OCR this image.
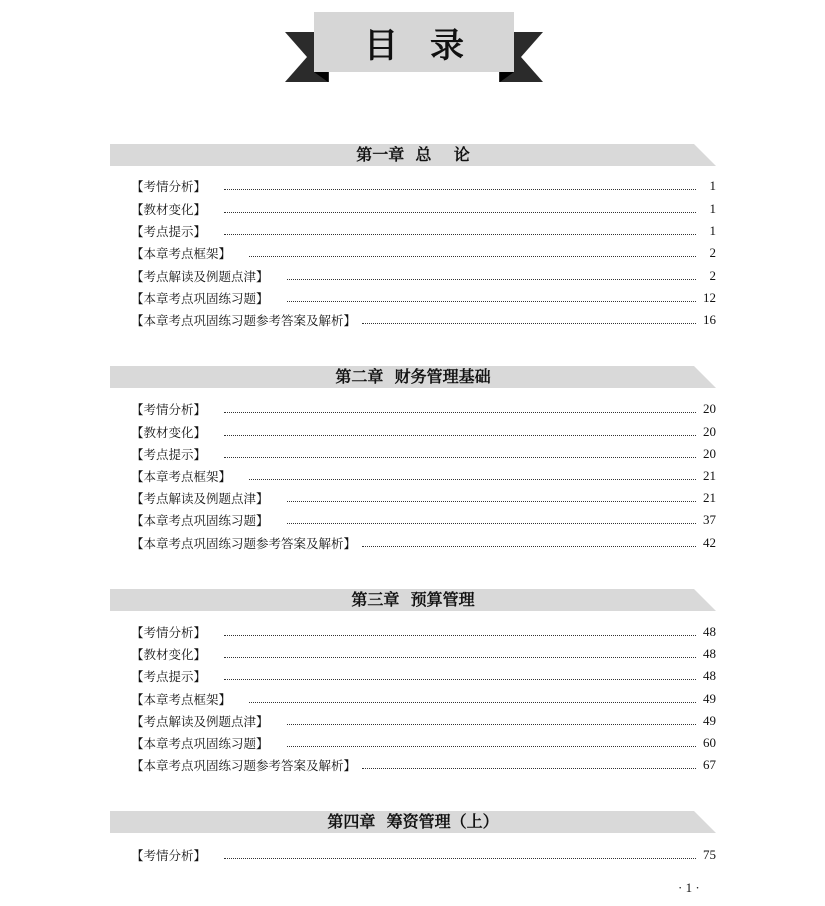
目录
第一章  总    论
【考情分析】	1
【教材变化】	1
【考点提示】	1
【本章考点框架】	2
【考点解读及例题点津】	2
【本章考点巩固练习题】	12
【本章考点巩固练习题参考答案及解析】	16
第二章  财务管理基础
【考情分析】	20
【教材变化】	20
【考点提示】	20
【本章考点框架】	21
【考点解读及例题点津】	21
【本章考点巩固练习题】	37
【本章考点巩固练习题参考答案及解析】	42
第三章  预算管理
【考情分析】	48
【教材变化】	48
【考点提示】	48
【本章考点框架】	49
【考点解读及例题点津】	49
【本章考点巩固练习题】	60
【本章考点巩固练习题参考答案及解析】	67
第四章  筹资管理（上）
【考情分析】	75
· 1 ·
